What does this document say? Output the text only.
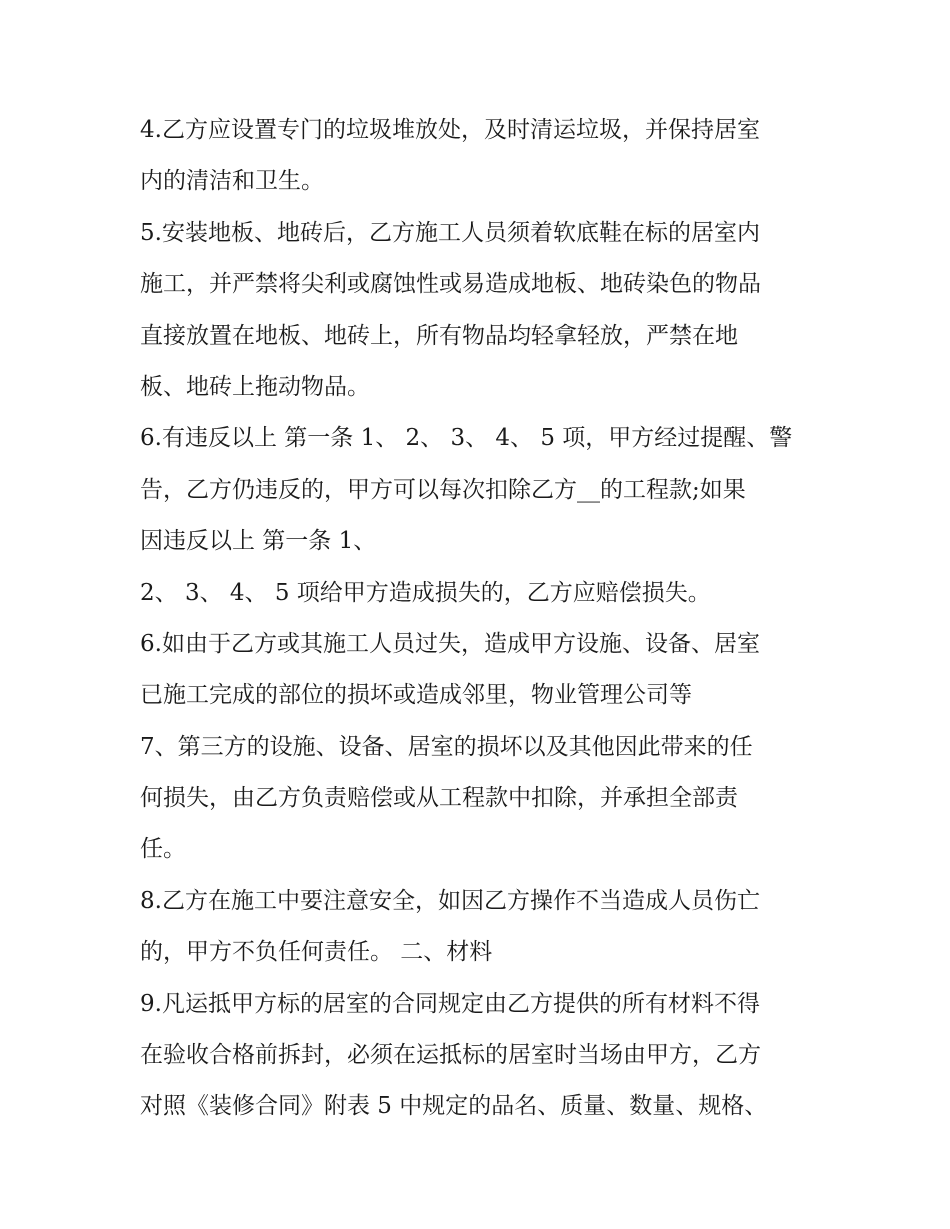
4.乙方应设置专门的垃圾堆放处，及时清运垃圾，并保持居室
内的清洁和卫生。
5.安装地板、地砖后，乙方施工人员须着软底鞋在标的居室内
施工，并严禁将尖利或腐蚀性或易造成地板、地砖染色的物品
直接放置在地板、地砖上，所有物品均轻拿轻放，严禁在地
板、地砖上拖动物品。
6.有违反以上 第一条 1、 2、 3、 4、 5 项，甲方经过提醒、警
告，乙方仍违反的，甲方可以每次扣除乙方__的工程款;如果
因违反以上 第一条 1、
2、 3、 4、 5 项给甲方造成损失的，乙方应赔偿损失。
6.如由于乙方或其施工人员过失，造成甲方设施、设备、居室
已施工完成的部位的损坏或造成邻里，物业管理公司等
7、第三方的设施、设备、居室的损坏以及其他因此带来的任
何损失，由乙方负责赔偿或从工程款中扣除，并承担全部责
任。
8.乙方在施工中要注意安全，如因乙方操作不当造成人员伤亡
的，甲方不负任何责任。 二、材料
9.凡运抵甲方标的居室的合同规定由乙方提供的所有材料不得
在验收合格前拆封，必须在运抵标的居室时当场由甲方，乙方
对照《装修合同》附表 5 中规定的品名、质量、数量、规格、
